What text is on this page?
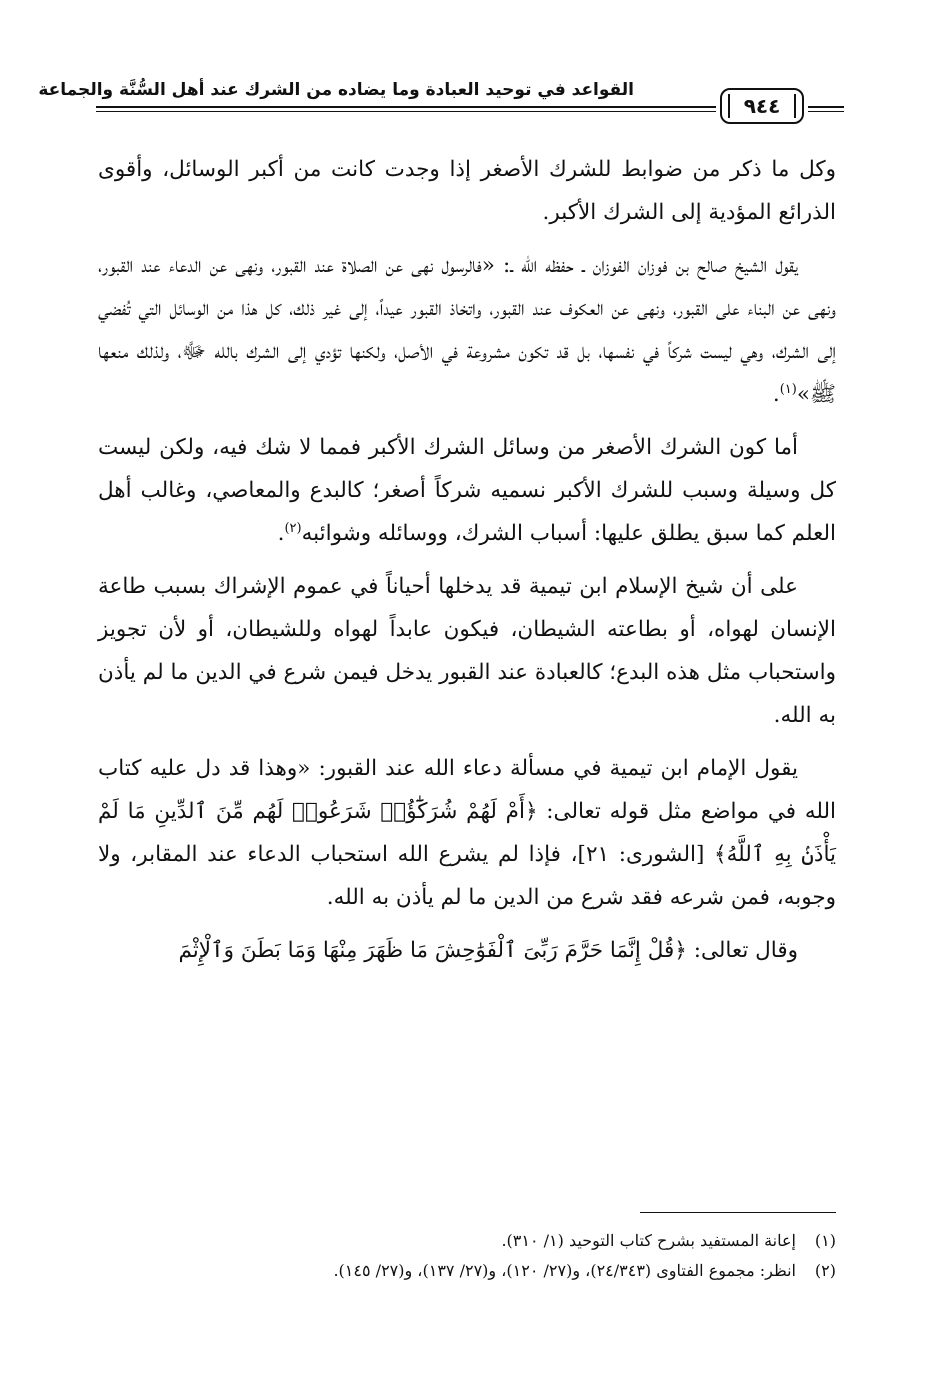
القواعد في توحيد العبادة وما يضاده من الشرك عند أهل السُّنَّة والجماعة
٩٤٤

وكل ما ذكر من ضوابط للشرك الأصغر إذا وجدت كانت من أكبر الوسائل، وأقوى الذرائع المؤدية إلى الشرك الأكبر.

يقول الشيخ صالح بن فوزان الفوزان ـ حفظه الله ـ: «فالرسول نهى عن الصلاة عند القبور، ونهى عن الدعاء عند القبور، ونهى عن البناء على القبور، ونهى عن العكوف عند القبور، واتخاذ القبور عيداً، إلى غير ذلك، كل هذا من الوسائل التي تُفضي إلى الشرك، وهي ليست شركاً في نفسها، بل قد تكون مشروعة في الأصل، ولكنها تؤدي إلى الشرك بالله ﷻ، ولذلك منعها ﷺ»$^{(١)}$.

أما كون الشرك الأصغر من وسائل الشرك الأكبر فمما لا شك فيه، ولكن ليست كل وسيلة وسبب للشرك الأكبر نسميه شركاً أصغر؛ كالبدع والمعاصي، وغالب أهل العلم كما سبق يطلق عليها: أسباب الشرك، ووسائله وشوائبه$^{(٢)}$.

على أن شيخ الإسلام ابن تيمية قد يدخلها أحياناً في عموم الإشراك بسبب طاعة الإنسان لهواه، أو بطاعته الشيطان، فيكون عابداً لهواه وللشيطان، أو لأن تجويز واستحباب مثل هذه البدع؛ كالعبادة عند القبور يدخل فيمن شرع في الدين ما لم يأذن به الله.

يقول الإمام ابن تيمية في مسألة دعاء الله عند القبور: «وهذا قد دل عليه كتاب الله في مواضع مثل قوله تعالى: ﴿أَمْ لَهُمْ شُرَكَٰٓؤُا۟ شَرَعُوا۟ لَهُم مِّنَ ٱلدِّينِ مَا لَمْ يَأْذَنۢ بِهِ ٱللَّهُ﴾ [الشورى: ٢١]، فإذا لم يشرع الله استحباب الدعاء عند المقابر، ولا وجوبه، فمن شرعه فقد شرع من الدين ما لم يأذن به الله.

وقال تعالى: ﴿قُلْ إِنَّمَا حَرَّمَ رَبِّىَ ٱلْفَوَٰحِشَ مَا ظَهَرَ مِنْهَا وَمَا بَطَنَ وَٱلْإِثْمَ

(١)إعانة المستفيد بشرح كتاب التوحيد (١/ ٣١٠).

(٢)انظر: مجموع الفتاوى (٢٤/٣٤٣)، و(٢٧/ ١٢٠)، و(٢٧/ ١٣٧)، و(٢٧/ ١٤٥).
